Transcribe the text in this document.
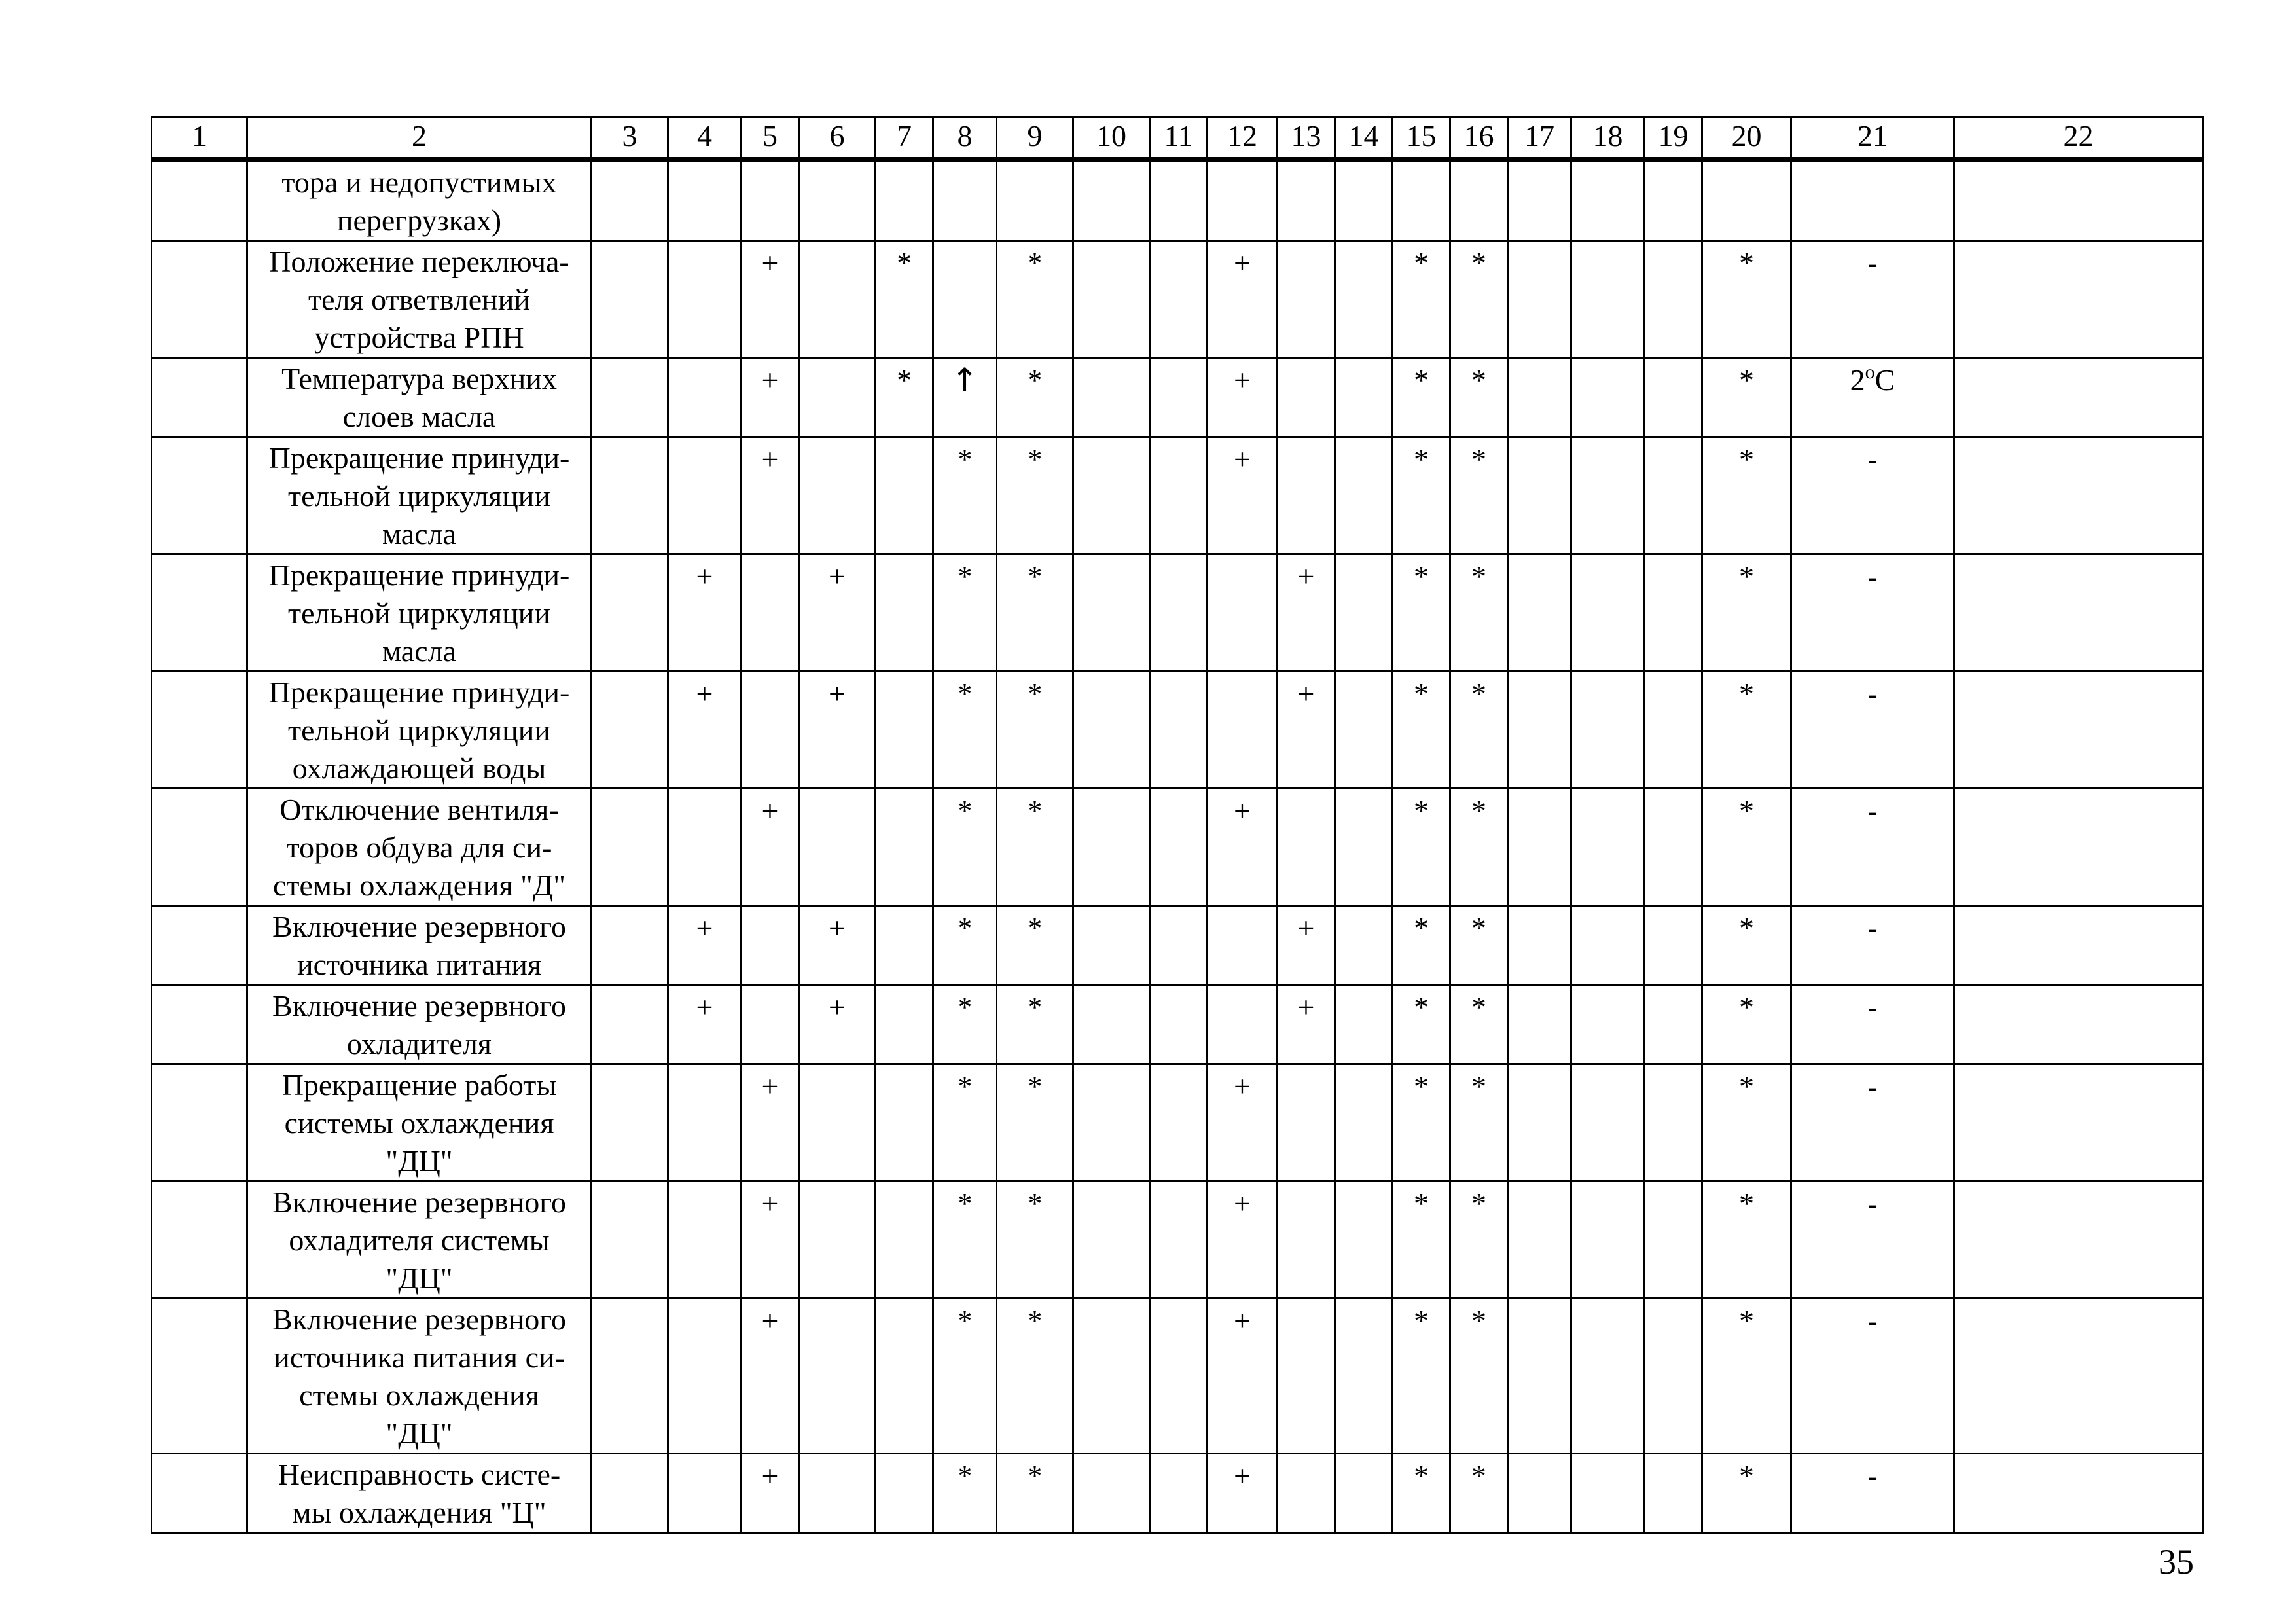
1	2	3	4	5	6	7	8	9	10	11	12	13	14	15	16	17	18	19	20	21	22
	тора и недопустимых
перегрузках)																				
	Положение переключа-
теля ответвлений
устройства РПН			+		*		*			+			*	*				*	-	
	Температура верхних
слоев масла			+		*	↑	*			+			*	*				*	2$^o$C	
	Прекращение принуди-
тельной циркуляции
масла			+			*	*			+			*	*				*	-	
	Прекращение принуди-
тельной циркуляции
масла		+		+		*	*				+		*	*				*	-	
	Прекращение принуди-
тельной циркуляции
охлаждающей воды		+		+		*	*				+		*	*				*	-	
	Отключение вентиля-
торов обдува для си-
стемы охлаждения "Д"			+			*	*			+			*	*				*	-	
	Включение резервного
источника питания		+		+		*	*				+		*	*				*	-	
	Включение резервного
охладителя		+		+		*	*				+		*	*				*	-	
	Прекращение работы
системы охлаждения
"ДЦ"			+			*	*			+			*	*				*	-	
	Включение резервного
охладителя системы
"ДЦ"			+			*	*			+			*	*				*	-	
	Включение резервного
источника питания си-
стемы охлаждения
"ДЦ"			+			*	*			+			*	*				*	-	
	Неисправность систе-
мы охлаждения "Ц"			+			*	*			+			*	*				*	-	
35
